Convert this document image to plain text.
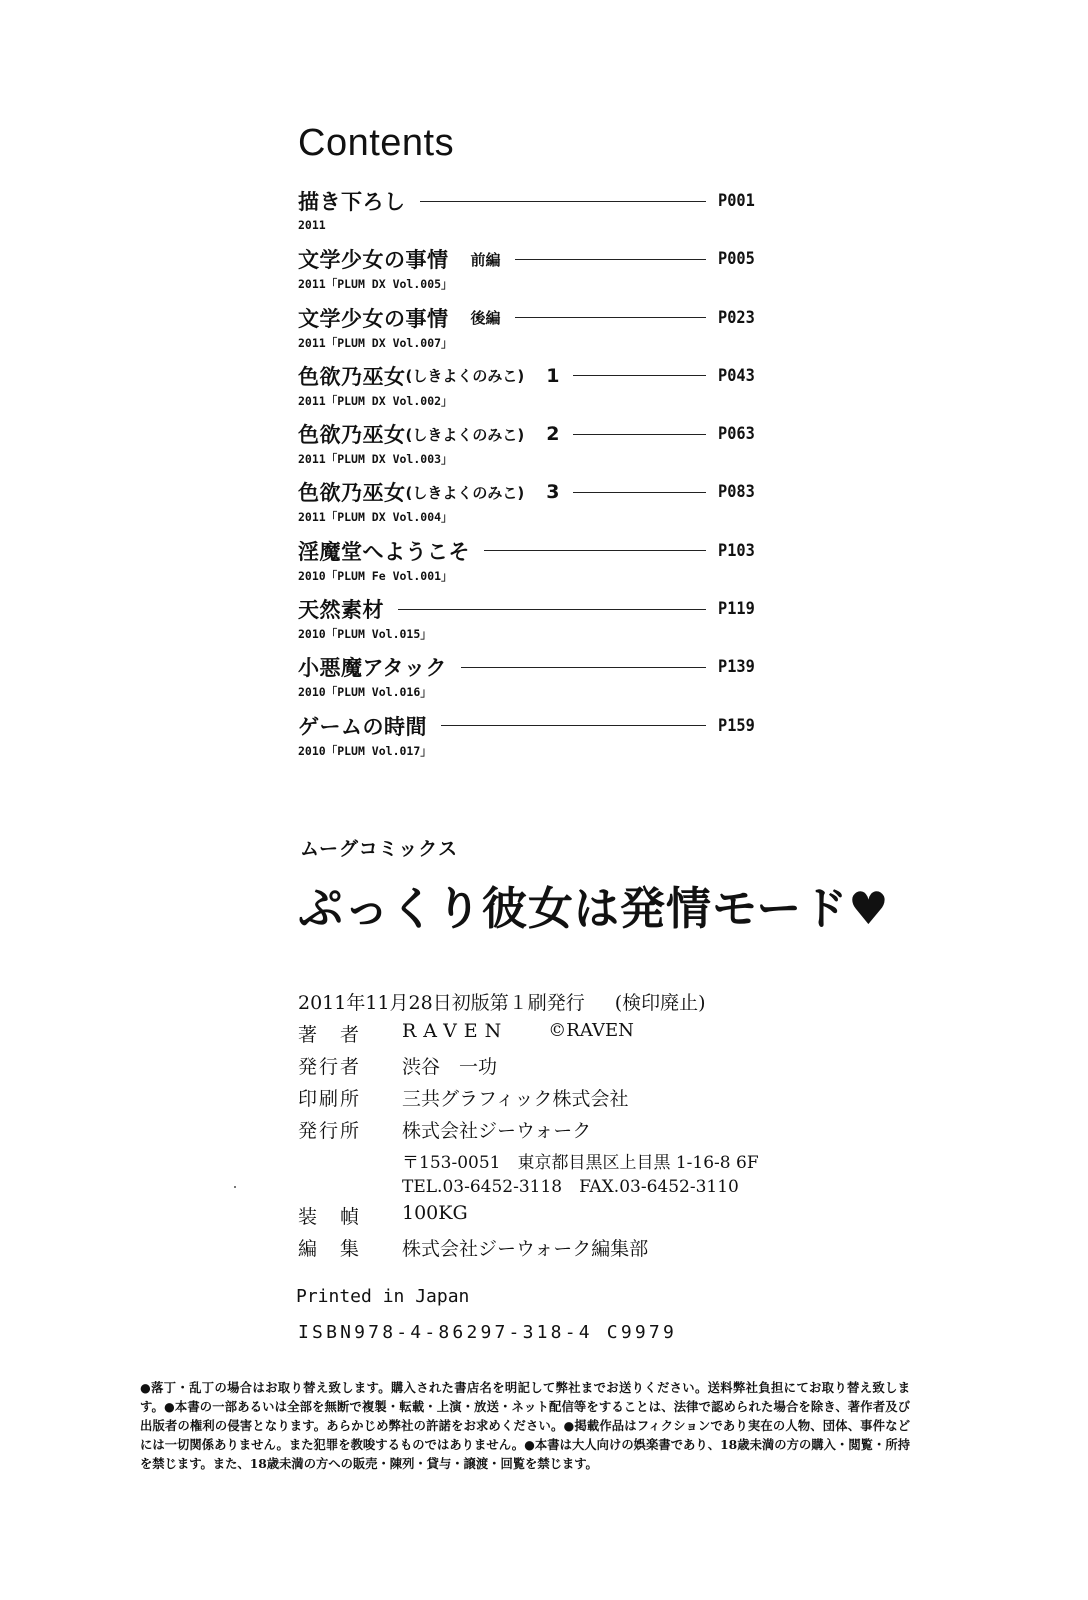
Contents
描き下ろし	P001
2011
文学少女の事情 前編	P005
2011「PLUM DX Vol.005」
文学少女の事情 後編	P023
2011「PLUM DX Vol.007」
色欲乃巫女 (しきよくのみこ) 1	P043
2011「PLUM DX Vol.002」
色欲乃巫女 (しきよくのみこ) 2	P063
2011「PLUM DX Vol.003」
色欲乃巫女 (しきよくのみこ) 3	P083
2011「PLUM DX Vol.004」
淫魔堂へようこそ	P103
2010「PLUM Fe Vol.001」
天然素材	P119
2010「PLUM Vol.015」
小悪魔アタック	P139
2010「PLUM Vol.016」
ゲームの時間	P159
2010「PLUM Vol.017」
ムーグコミックス
ぷっくり彼女は発情モード♥
2011年11月28日初版第１刷発行 (検印廃止)
著　者	RAVEN ©RAVEN
発行者	渋谷　一功
印刷所	三共グラフィック株式会社
発行所	株式会社ジーウォーク
〒153-0051　東京都目黒区上目黒 1-16-8 6F
TEL.03-6452-3118　FAX.03-6452-3110
装　幀	100KG
編　集	株式会社ジーウォーク編集部
Printed in Japan
ISBN978-4-86297-318-4 C9979
●落丁・乱丁の場合はお取り替え致します。購入された書店名を明記して弊社までお送りください。送料弊社負担にてお取り替え致します。●本書の一部あるいは全部を無断で複製・転載・上演・放送・ネット配信等をすることは、法律で認められた場合を除き、著作者及び出版者の権利の侵害となります。あらかじめ弊社の許諾をお求めください。●掲載作品はフィクションであり実在の人物、団体、事件などには一切関係ありません。また犯罪を教唆するものではありません。●本書は大人向けの娯楽書であり、18歳未満の方の購入・閲覧・所持を禁じます。また、18歳未満の方への販売・陳列・貸与・譲渡・回覧を禁じます。
